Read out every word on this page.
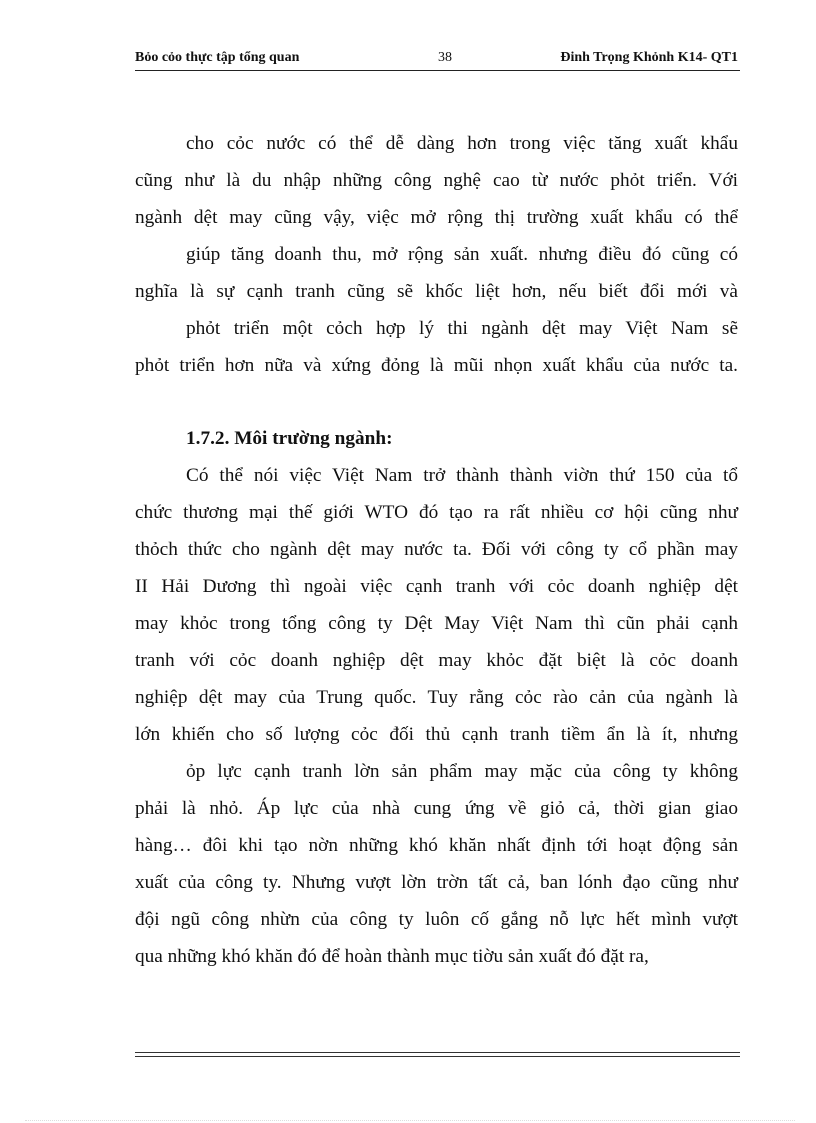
Bỏo cỏo thực tập tổng quan	38	Đinh Trọng Khỏnh K14- QT1
cho cỏc nước có thể dễ dàng hơn trong việc tăng xuất khẩu
cũng như là du nhập những công nghệ cao từ nước phỏt triển. Với
ngành dệt may cũng vậy, việc mở rộng thị trường xuất khẩu có thể
giúp tăng doanh thu, mở rộng sản xuất. nhưng điều đó cũng có
nghĩa là sự cạnh tranh cũng sẽ khốc liệt hơn, nếu biết đổi mới và
phỏt triển một cỏch hợp lý thi ngành dệt may Việt Nam sẽ
phỏt triển hơn nữa và xứng đỏng là mũi nhọn xuất khẩu của nước ta.
1.7.2. Môi trường ngành:
Có thể nói việc Việt Nam trở thành thành viờn thứ 150 của tổ
chức thương mại thế giới WTO đó tạo ra rất nhiều cơ hội cũng như
thỏch thức cho ngành dệt may nước ta. Đối với công ty cổ phần may
II Hải Dương thì ngoài việc cạnh tranh với cỏc doanh nghiệp dệt
may khỏc trong tổng công ty Dệt May Việt Nam thì cũn phải cạnh
tranh với cỏc doanh nghiệp dệt may khỏc đặt biệt là cỏc doanh
nghiệp dệt may của Trung quốc. Tuy rằng cỏc rào cản của ngành là
lớn khiến cho số lượng cỏc đối thủ cạnh tranh tiềm ẩn là ít, nhưng
ỏp lực cạnh tranh lờn sản phẩm may mặc của công ty không
phải là nhỏ. Áp lực của nhà cung ứng về giỏ cả, thời gian giao
hàng… đôi khi tạo nờn những khó khăn nhất định tới hoạt động sản
xuất của công ty. Nhưng vượt lờn trờn tất cả, ban lónh đạo cũng như
đội ngũ công nhừn của công ty luôn cố gắng nỗ lực hết mình vượt
qua những khó khăn đó để hoàn thành mục tiờu sản xuất đó đặt ra,
